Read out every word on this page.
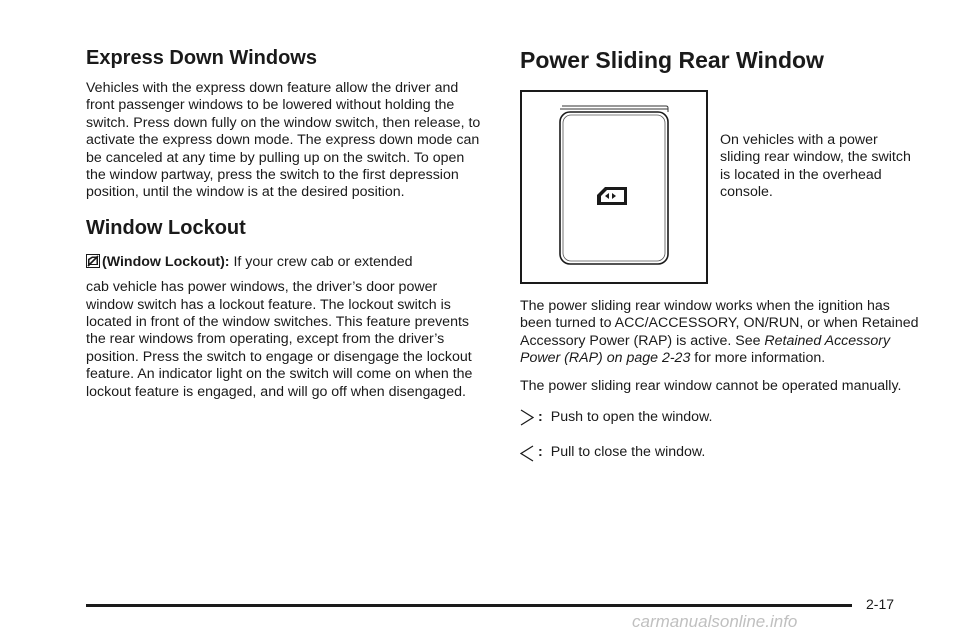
Express Down Windows

Vehicles with the express down feature allow the driver and front passenger windows to be lowered without holding the switch. Press down fully on the window switch, then release, to activate the express down mode. The express down mode can be canceled at any time by pulling up on the switch. To open the window partway, press the switch to the first depression position, until the window is at the desired position.

Window Lockout

(Window Lockout): If your crew cab or extended

cab vehicle has power windows, the driver’s door power window switch has a lockout feature. The lockout switch is located in front of the window switches. This feature prevents the rear windows from operating, except from the driver’s position. Press the switch to engage or disengage the lockout feature. An indicator light on the switch will come on when the lockout feature is engaged, and will go off when disengaged.

Power Sliding Rear Window

On vehicles with a power sliding rear window, the switch is located in the overhead console.

The power sliding rear window works when the ignition has been turned to ACC/ACCESSORY, ON/RUN, or when Retained Accessory Power (RAP) is active. See Retained Accessory Power (RAP) on page 2-23 for more information.

The power sliding rear window cannot be operated manually.

: Push to open the window.
: Pull to close the window.
2-17
carmanualsonline.info
